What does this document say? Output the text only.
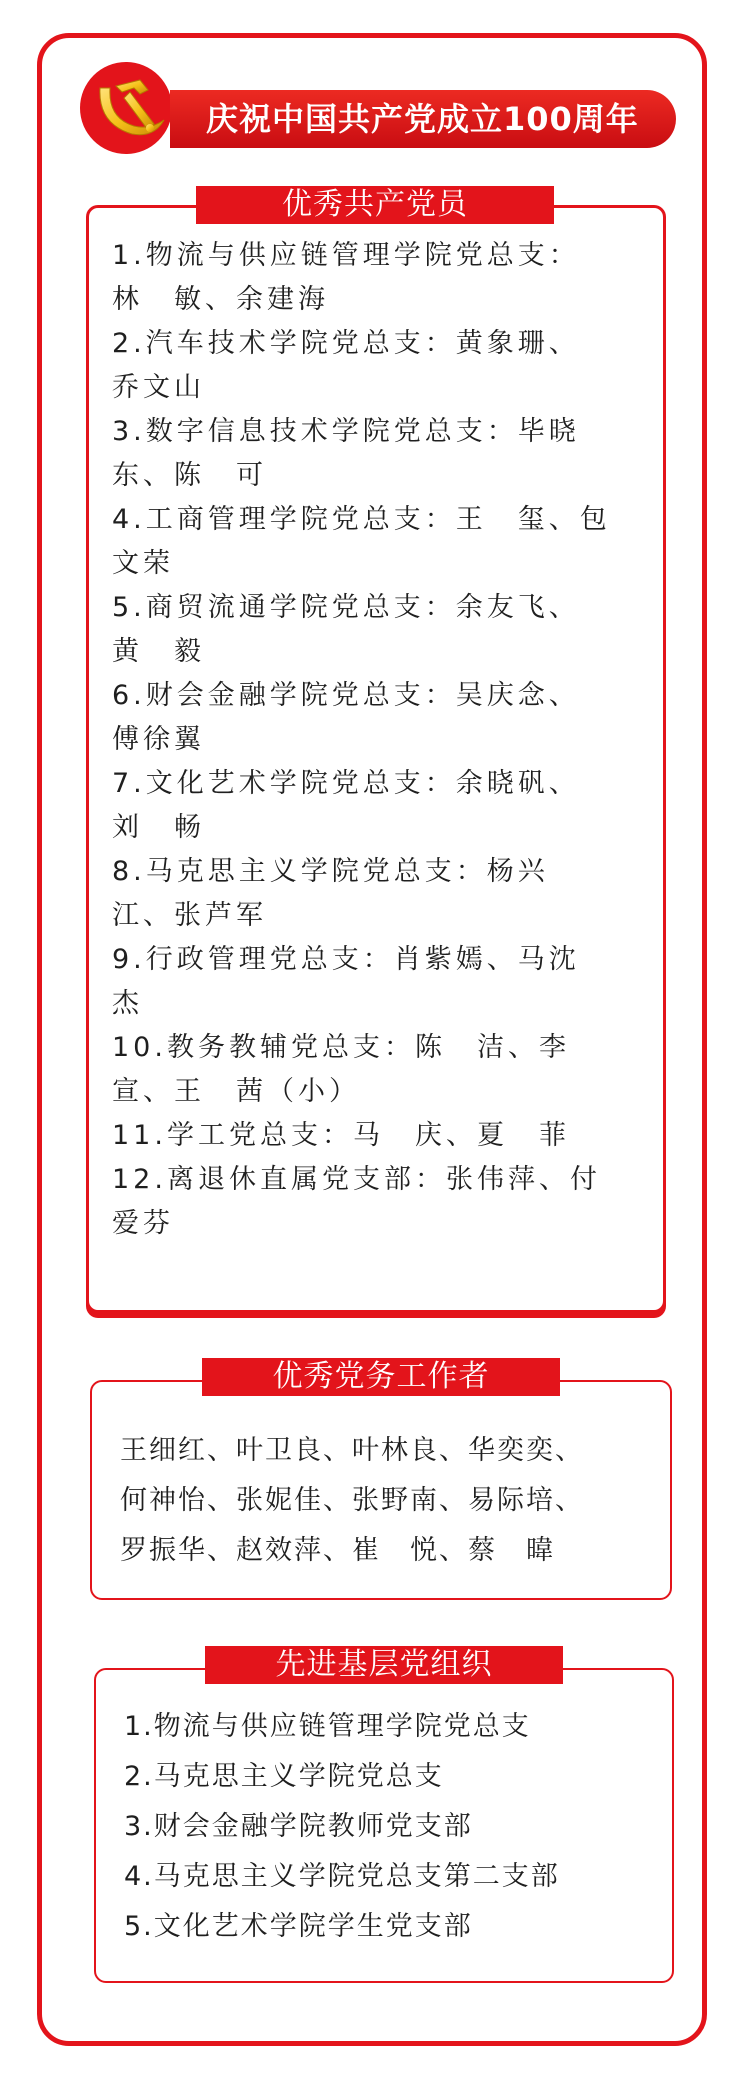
庆祝中国共产党成立100周年
优秀共产党员
1.物流与供应链管理学院党总支：
林　敏、余建海
2.汽车技术学院党总支：黄象珊、
乔文山
3.数字信息技术学院党总支：毕晓
东、陈　可
4.工商管理学院党总支：王　玺、包
文荣
5.商贸流通学院党总支：余友飞、
黄　毅
6.财会金融学院党总支：吴庆念、
傅徐翼
7.文化艺术学院党总支：余晓矾、
刘　畅
8.马克思主义学院党总支：杨兴
江、张芦军
9.行政管理党总支：肖紫嫣、马沈
杰
10.教务教辅党总支：陈　洁、李
宣、王　茜（小）
11.学工党总支：马　庆、夏　菲
12.离退休直属党支部：张伟萍、付
爱芬
优秀党务工作者
王细红、叶卫良、叶林良、华奕奕、
何神怡、张妮佳、张野南、易际培、
罗振华、赵效萍、崔　悦、蔡　暐
先进基层党组织
1.物流与供应链管理学院党总支
2.马克思主义学院党总支
3.财会金融学院教师党支部
4.马克思主义学院党总支第二支部
5.文化艺术学院学生党支部
